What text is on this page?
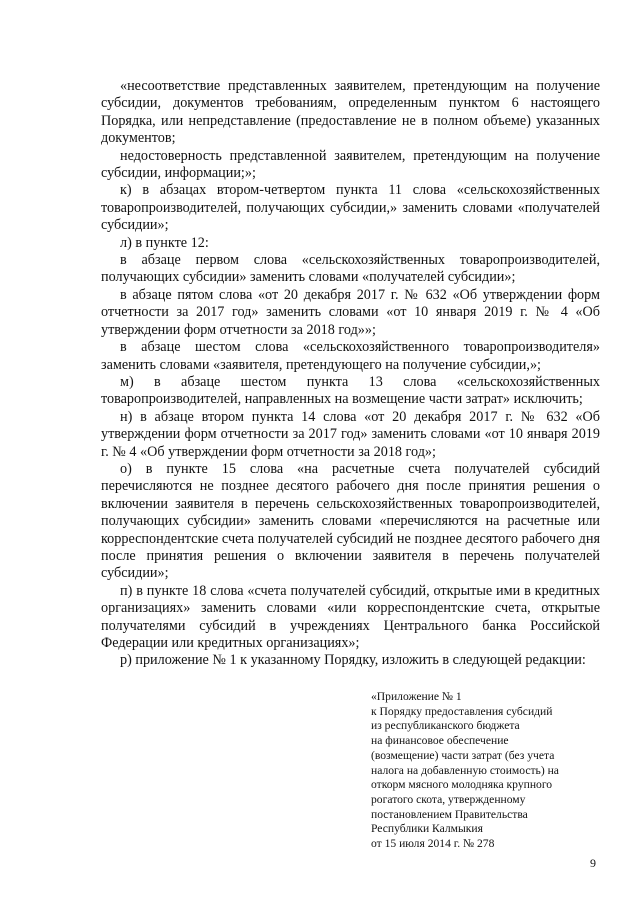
«несоответствие представленных заявителем, претендующим на получение субсидии, документов требованиям, определенным пунктом 6 настоящего Порядка, или непредставление (предоставление не в полном объеме) указанных документов;

недостоверность представленной заявителем, претендующим на получение субсидии, информации;»;

к) в абзацах втором-четвертом пункта 11 слова «сельскохозяйственных товаропроизводителей, получающих субсидии,» заменить словами «получателей субсидии»;

л) в пункте 12:

в абзаце первом слова «сельскохозяйственных товаропроизводителей, получающих субсидии» заменить словами «получателей субсидии»;

в абзаце пятом слова «от 20 декабря 2017 г. № 632 «Об утверждении форм отчетности за 2017 год» заменить словами «от 10 января 2019 г. № 4 «Об утверждении форм отчетности за 2018 год»»;

в абзаце шестом слова «сельскохозяйственного товаропроизводителя» заменить словами «заявителя, претендующего на получение субсидии,»;

м) в абзаце шестом пункта 13 слова «сельскохозяйственных товаропроизводителей, направленных на возмещение части затрат» исключить;

н) в абзаце втором пункта 14 слова «от 20 декабря 2017 г. № 632 «Об утверждении форм отчетности за 2017 год» заменить словами «от 10 января 2019 г. № 4 «Об утверждении форм отчетности за 2018 год»;

о) в пункте 15 слова «на расчетные счета получателей субсидий перечисляются не позднее десятого рабочего дня после принятия решения о включении заявителя в перечень сельскохозяйственных товаропроизводителей, получающих субсидии» заменить словами «перечисляются на расчетные или корреспондентские счета получателей субсидий не позднее десятого рабочего дня после принятия решения о включении заявителя в перечень получателей субсидии»;

п) в пункте 18 слова «счета получателей субсидий, открытые ими в кредитных организациях» заменить словами «или корреспондентские счета, открытые получателями субсидий в учреждениях Центрального банка Российской Федерации или кредитных организациях»;

р) приложение № 1 к указанному Порядку, изложить в следующей редакции:

«Приложение № 1
к Порядку предоставления субсидий
из республиканского бюджета
на финансовое обеспечение
(возмещение) части затрат (без учета
налога на добавленную стоимость) на
откорм мясного молодняка крупного
рогатого скота, утвержденному
постановлением Правительства
Республики Калмыкия
от 15 июля 2014 г. № 278
9
